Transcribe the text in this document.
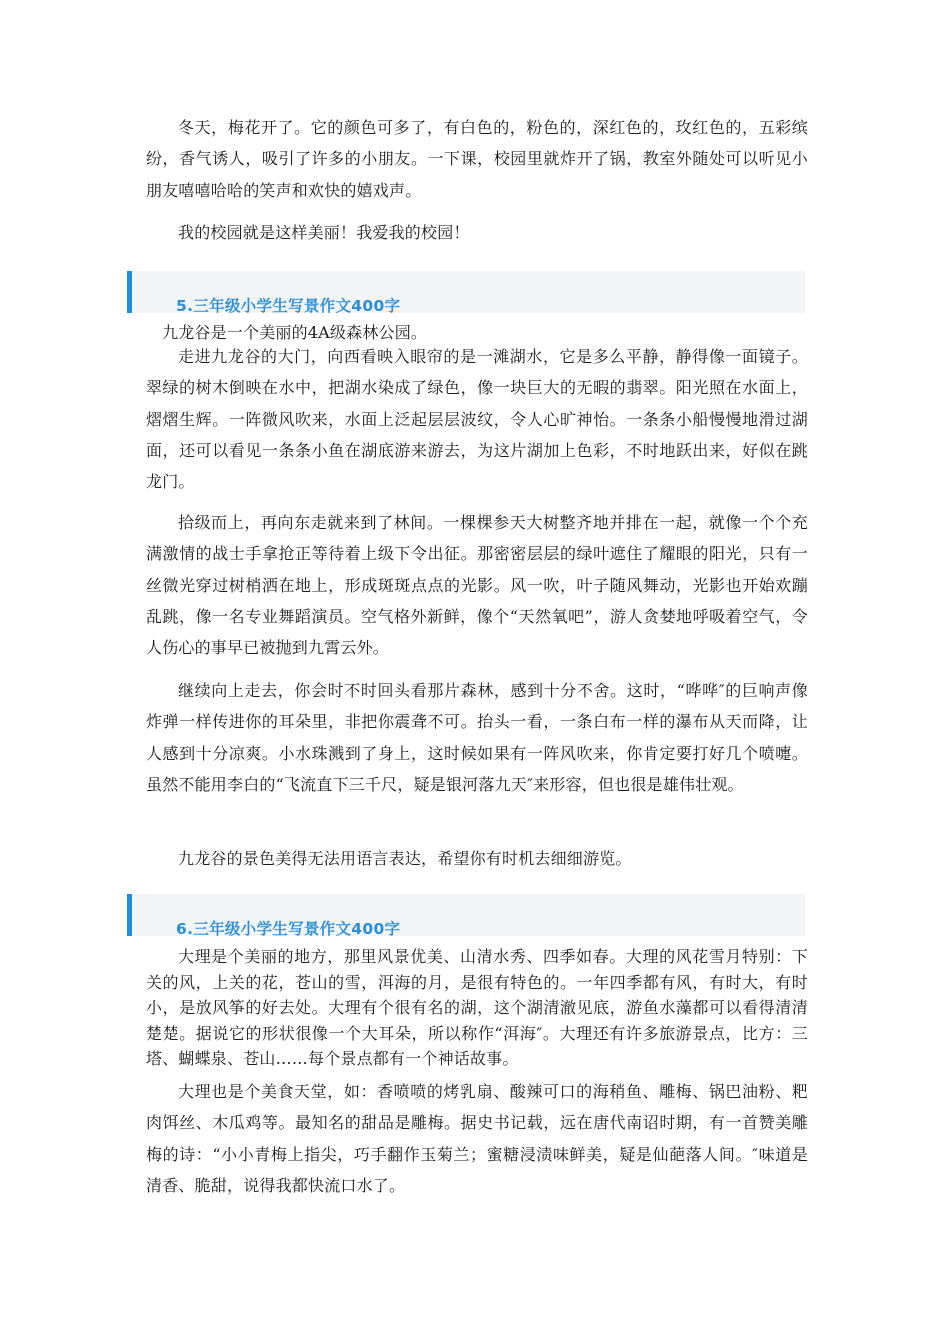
冬天，梅花开了。它的颜色可多了，有白色的，粉色的，深红色的，玫红色的，五彩缤纷，香气诱人，吸引了许多的小朋友。一下课，校园里就炸开了锅，教室外随处可以听见小朋友嘻嘻哈哈的笑声和欢快的嬉戏声。

我的校园就是这样美丽！我爱我的校园！

5.三年级小学生写景作文400字

九龙谷是一个美丽的4A级森林公园。

走进九龙谷的大门，向西看映入眼帘的是一滩湖水，它是多么平静，静得像一面镜子。翠绿的树木倒映在水中，把湖水染成了绿色，像一块巨大的无暇的翡翠。阳光照在水面上，熠熠生辉。一阵微风吹来，水面上泛起层层波纹，令人心旷神怡。一条条小船慢慢地滑过湖面，还可以看见一条条小鱼在湖底游来游去，为这片湖加上色彩，不时地跃出来，好似在跳龙门。

拾级而上，再向东走就来到了林间。一棵棵参天大树整齐地并排在一起，就像一个个充满激情的战士手拿抢正等待着上级下令出征。那密密层层的绿叶遮住了耀眼的阳光，只有一丝微光穿过树梢洒在地上，形成斑斑点点的光影。风一吹，叶子随风舞动，光影也开始欢蹦乱跳，像一名专业舞蹈演员。空气格外新鲜，像个“天然氧吧”，游人贪婪地呼吸着空气，令人伤心的事早已被抛到九霄云外。

继续向上走去，你会时不时回头看那片森林，感到十分不舍。这时，“哗哗″的巨响声像炸弹一样传进你的耳朵里，非把你震聋不可。抬头一看，一条白布一样的瀑布从天而降，让人感到十分凉爽。小水珠溅到了身上，这时候如果有一阵风吹来，你肯定要打好几个喷嚏。虽然不能用李白的“飞流直下三千尺，疑是银河落九天″来形容，但也很是雄伟壮观。

九龙谷的景色美得无法用语言表达，希望你有时机去细细游览。

6.三年级小学生写景作文400字

大理是个美丽的地方，那里风景优美、山清水秀、四季如春。大理的风花雪月特别：下关的风，上关的花，苍山的雪，洱海的月，是很有特色的。一年四季都有风，有时大，有时小，是放风筝的好去处。大理有个很有名的湖，这个湖清澈见底，游鱼水藻都可以看得清清楚楚。据说它的形状很像一个大耳朵，所以称作“洱海″。大理还有许多旅游景点，比方：三塔、蝴蝶泉、苍山……每个景点都有一个神话故事。

大理也是个美食天堂，如：香喷喷的烤乳扇、酸辣可口的海稍鱼、雕梅、锅巴油粉、粑肉饵丝、木瓜鸡等。最知名的甜品是雕梅。据史书记载，远在唐代南诏时期，有一首赞美雕梅的诗：“小小青梅上指尖，巧手翻作玉菊兰；蜜糖浸渍味鲜美，疑是仙葩落人间。″味道是清香、脆甜，说得我都快流口水了。
